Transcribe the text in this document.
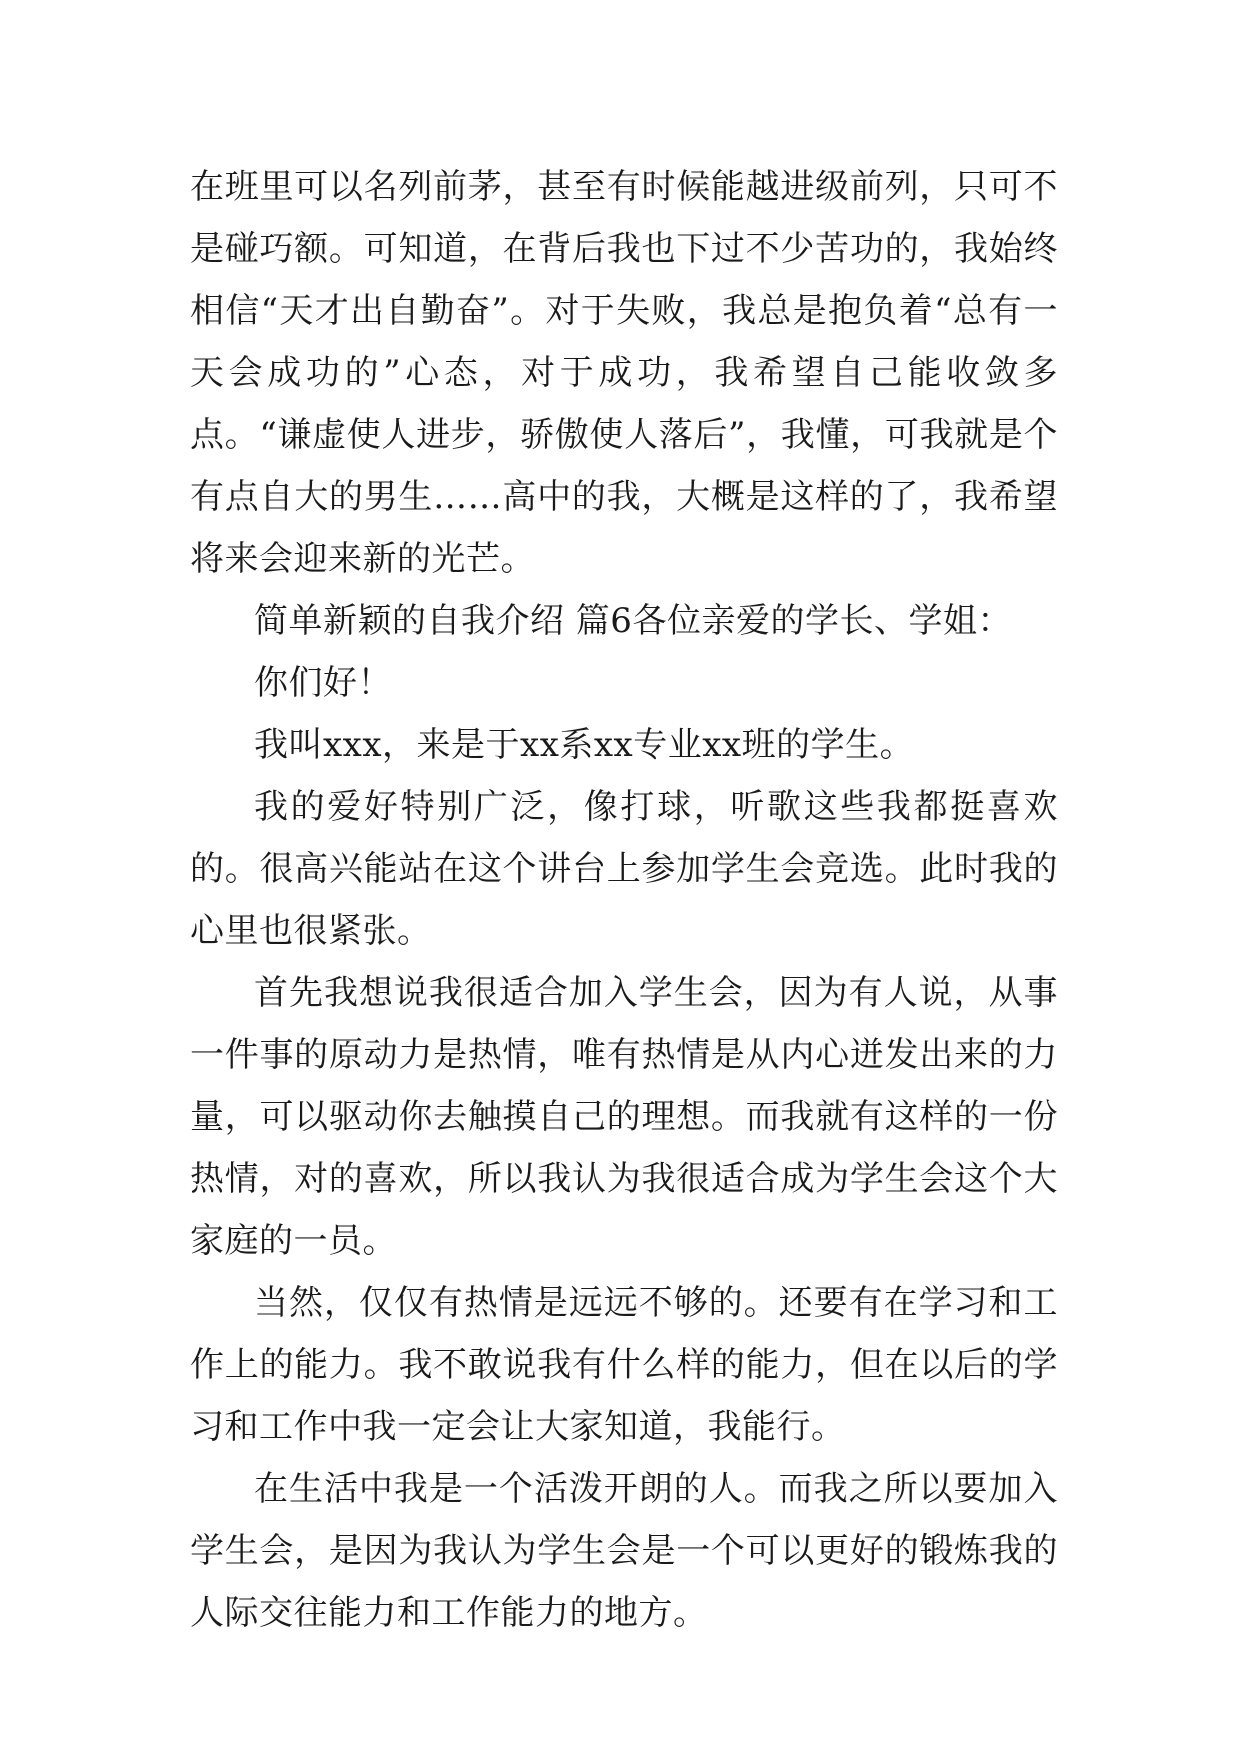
在班里可以名列前茅，甚至有时候能越进级前列，只可不是碰巧额。可知道，在背后我也下过不少苦功的，我始终相信“天才出自勤奋”。对于失败，我总是抱负着“总有一天会成功的”心态，对于成功，我希望自己能收敛多点。“谦虚使人进步，骄傲使人落后”，我懂，可我就是个有点自大的男生……高中的我，大概是这样的了，我希望将来会迎来新的光芒。

简单新颖的自我介绍 篇6各位亲爱的学长、学姐：

你们好！

我叫xxx，来是于xx系xx专业xx班的学生。

我的爱好特别广泛，像打球，听歌这些我都挺喜欢的。很高兴能站在这个讲台上参加学生会竞选。此时我的心里也很紧张。

首先我想说我很适合加入学生会，因为有人说，从事一件事的原动力是热情，唯有热情是从内心迸发出来的力量，可以驱动你去触摸自己的理想。而我就有这样的一份热情，对的喜欢，所以我认为我很适合成为学生会这个大家庭的一员。

当然，仅仅有热情是远远不够的。还要有在学习和工作上的能力。我不敢说我有什么样的能力，但在以后的学习和工作中我一定会让大家知道，我能行。

在生活中我是一个活泼开朗的人。而我之所以要加入学生会，是因为我认为学生会是一个可以更好的锻炼我的人际交往能力和工作能力的地方。
